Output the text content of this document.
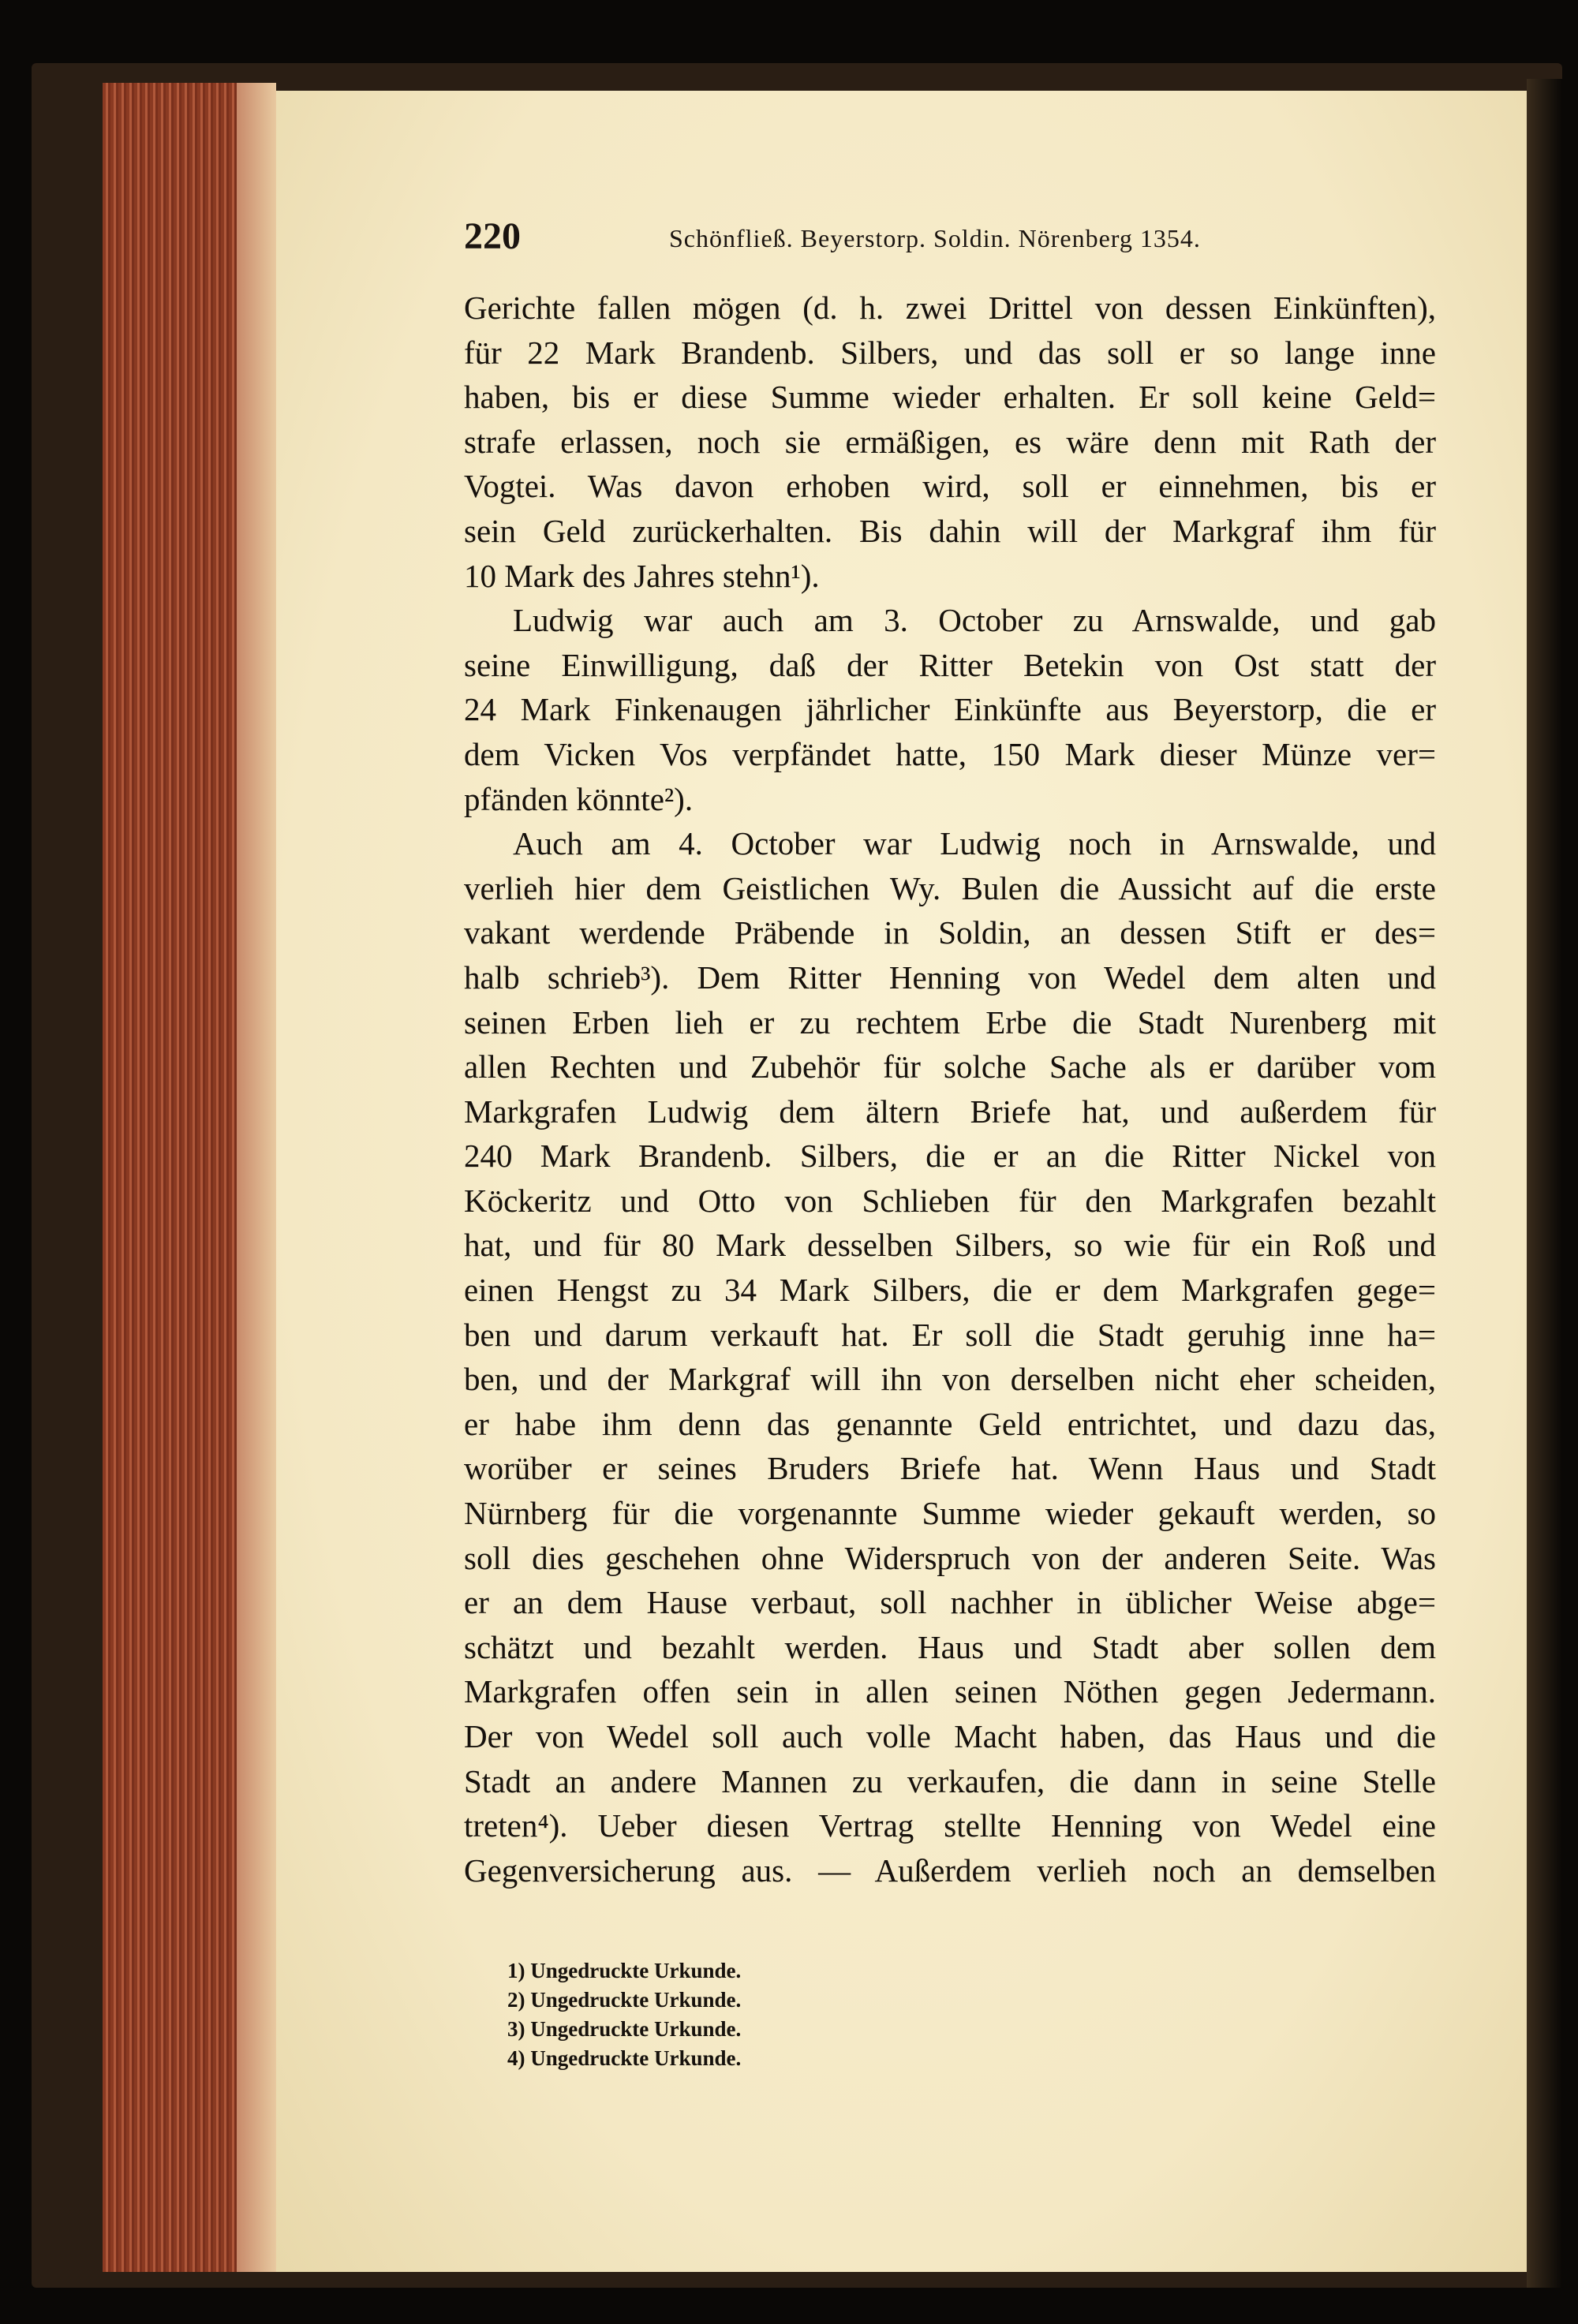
220	Schönfließ. Beyerstorp. Soldin. Nörenberg 1354.
Gerichte fallen mögen (d. h. zwei Drittel von dessen Einkünften),
für 22 Mark Brandenb. Silbers, und das soll er so lange inne
haben, bis er diese Summe wieder erhalten. Er soll keine Geld=
strafe erlassen, noch sie ermäßigen, es wäre denn mit Rath der
Vogtei. Was davon erhoben wird, soll er einnehmen, bis er
sein Geld zurückerhalten. Bis dahin will der Markgraf ihm für
10 Mark des Jahres stehn¹).
Ludwig war auch am 3. October zu Arnswalde, und gab
seine Einwilligung, daß der Ritter Betekin von Ost statt der
24 Mark Finkenaugen jährlicher Einkünfte aus Beyerstorp, die er
dem Vicken Vos verpfändet hatte, 150 Mark dieser Münze ver=
pfänden könnte²).
Auch am 4. October war Ludwig noch in Arnswalde, und
verlieh hier dem Geistlichen Wy. Bulen die Aussicht auf die erste
vakant werdende Präbende in Soldin, an dessen Stift er des=
halb schrieb³). Dem Ritter Henning von Wedel dem alten und
seinen Erben lieh er zu rechtem Erbe die Stadt Nurenberg mit
allen Rechten und Zubehör für solche Sache als er darüber vom
Markgrafen Ludwig dem ältern Briefe hat, und außerdem für
240 Mark Brandenb. Silbers, die er an die Ritter Nickel von
Köckeritz und Otto von Schlieben für den Markgrafen bezahlt
hat, und für 80 Mark desselben Silbers, so wie für ein Roß und
einen Hengst zu 34 Mark Silbers, die er dem Markgrafen gege=
ben und darum verkauft hat. Er soll die Stadt geruhig inne ha=
ben, und der Markgraf will ihn von derselben nicht eher scheiden,
er habe ihm denn das genannte Geld entrichtet, und dazu das,
worüber er seines Bruders Briefe hat. Wenn Haus und Stadt
Nürnberg für die vorgenannte Summe wieder gekauft werden, so
soll dies geschehen ohne Widerspruch von der anderen Seite. Was
er an dem Hause verbaut, soll nachher in üblicher Weise abge=
schätzt und bezahlt werden. Haus und Stadt aber sollen dem
Markgrafen offen sein in allen seinen Nöthen gegen Jedermann.
Der von Wedel soll auch volle Macht haben, das Haus und die
Stadt an andere Mannen zu verkaufen, die dann in seine Stelle
treten⁴). Ueber diesen Vertrag stellte Henning von Wedel eine
Gegenversicherung aus. — Außerdem verlieh noch an demselben
1) Ungedruckte Urkunde.
2) Ungedruckte Urkunde.
3) Ungedruckte Urkunde.
4) Ungedruckte Urkunde.
